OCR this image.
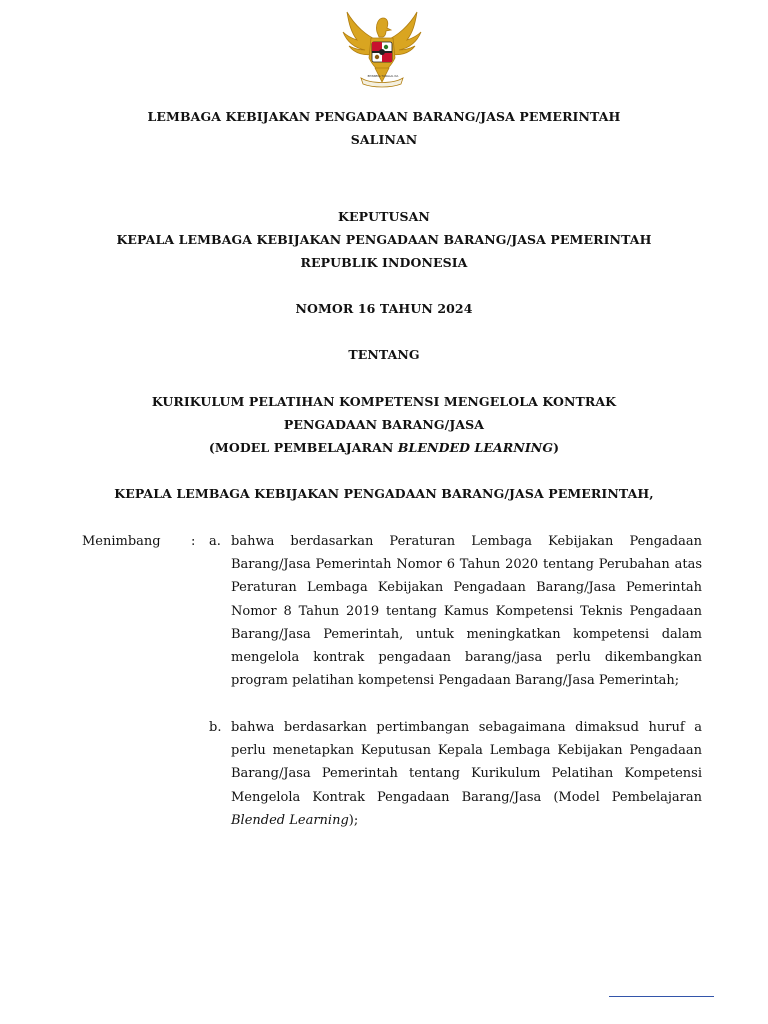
BHINNEKA TUNGGAL IKA
LEMBAGA KEBIJAKAN PENGADAAN BARANG/JASA PEMERINTAH
SALINAN
KEPUTUSAN
KEPALA LEMBAGA KEBIJAKAN PENGADAAN BARANG/JASA PEMERINTAH
REPUBLIK INDONESIA
NOMOR 16 TAHUN 2024
TENTANG
KURIKULUM PELATIHAN KOMPETENSI MENGELOLA KONTRAK
PENGADAAN BARANG/JASA
(MODEL PEMBELAJARAN BLENDED LEARNING)
KEPALA LEMBAGA KEBIJAKAN PENGADAAN BARANG/JASA PEMERINTAH,
Menimbang : a. bahwa berdasarkan Peraturan Lembaga Kebijakan Pengadaan Barang/Jasa Pemerintah Nomor 6 Tahun 2020 tentang Perubahan atas Peraturan Lembaga Kebijakan Pengadaan Barang/Jasa Pemerintah Nomor 8 Tahun 2019 tentang Kamus Kompetensi Teknis Pengadaan Barang/Jasa Pemerintah, untuk meningkatkan kompetensi dalam mengelola kontrak pengadaan barang/jasa perlu dikembangkan program pelatihan kompetensi Pengadaan Barang/Jasa Pemerintah;
b. bahwa berdasarkan pertimbangan sebagaimana dimaksud huruf a perlu menetapkan Keputusan Kepala Lembaga Kebijakan Pengadaan Barang/Jasa Pemerintah tentang Kurikulum Pelatihan Kompetensi Mengelola Kontrak Pengadaan Barang/Jasa (Model Pembelajaran Blended Learning);
